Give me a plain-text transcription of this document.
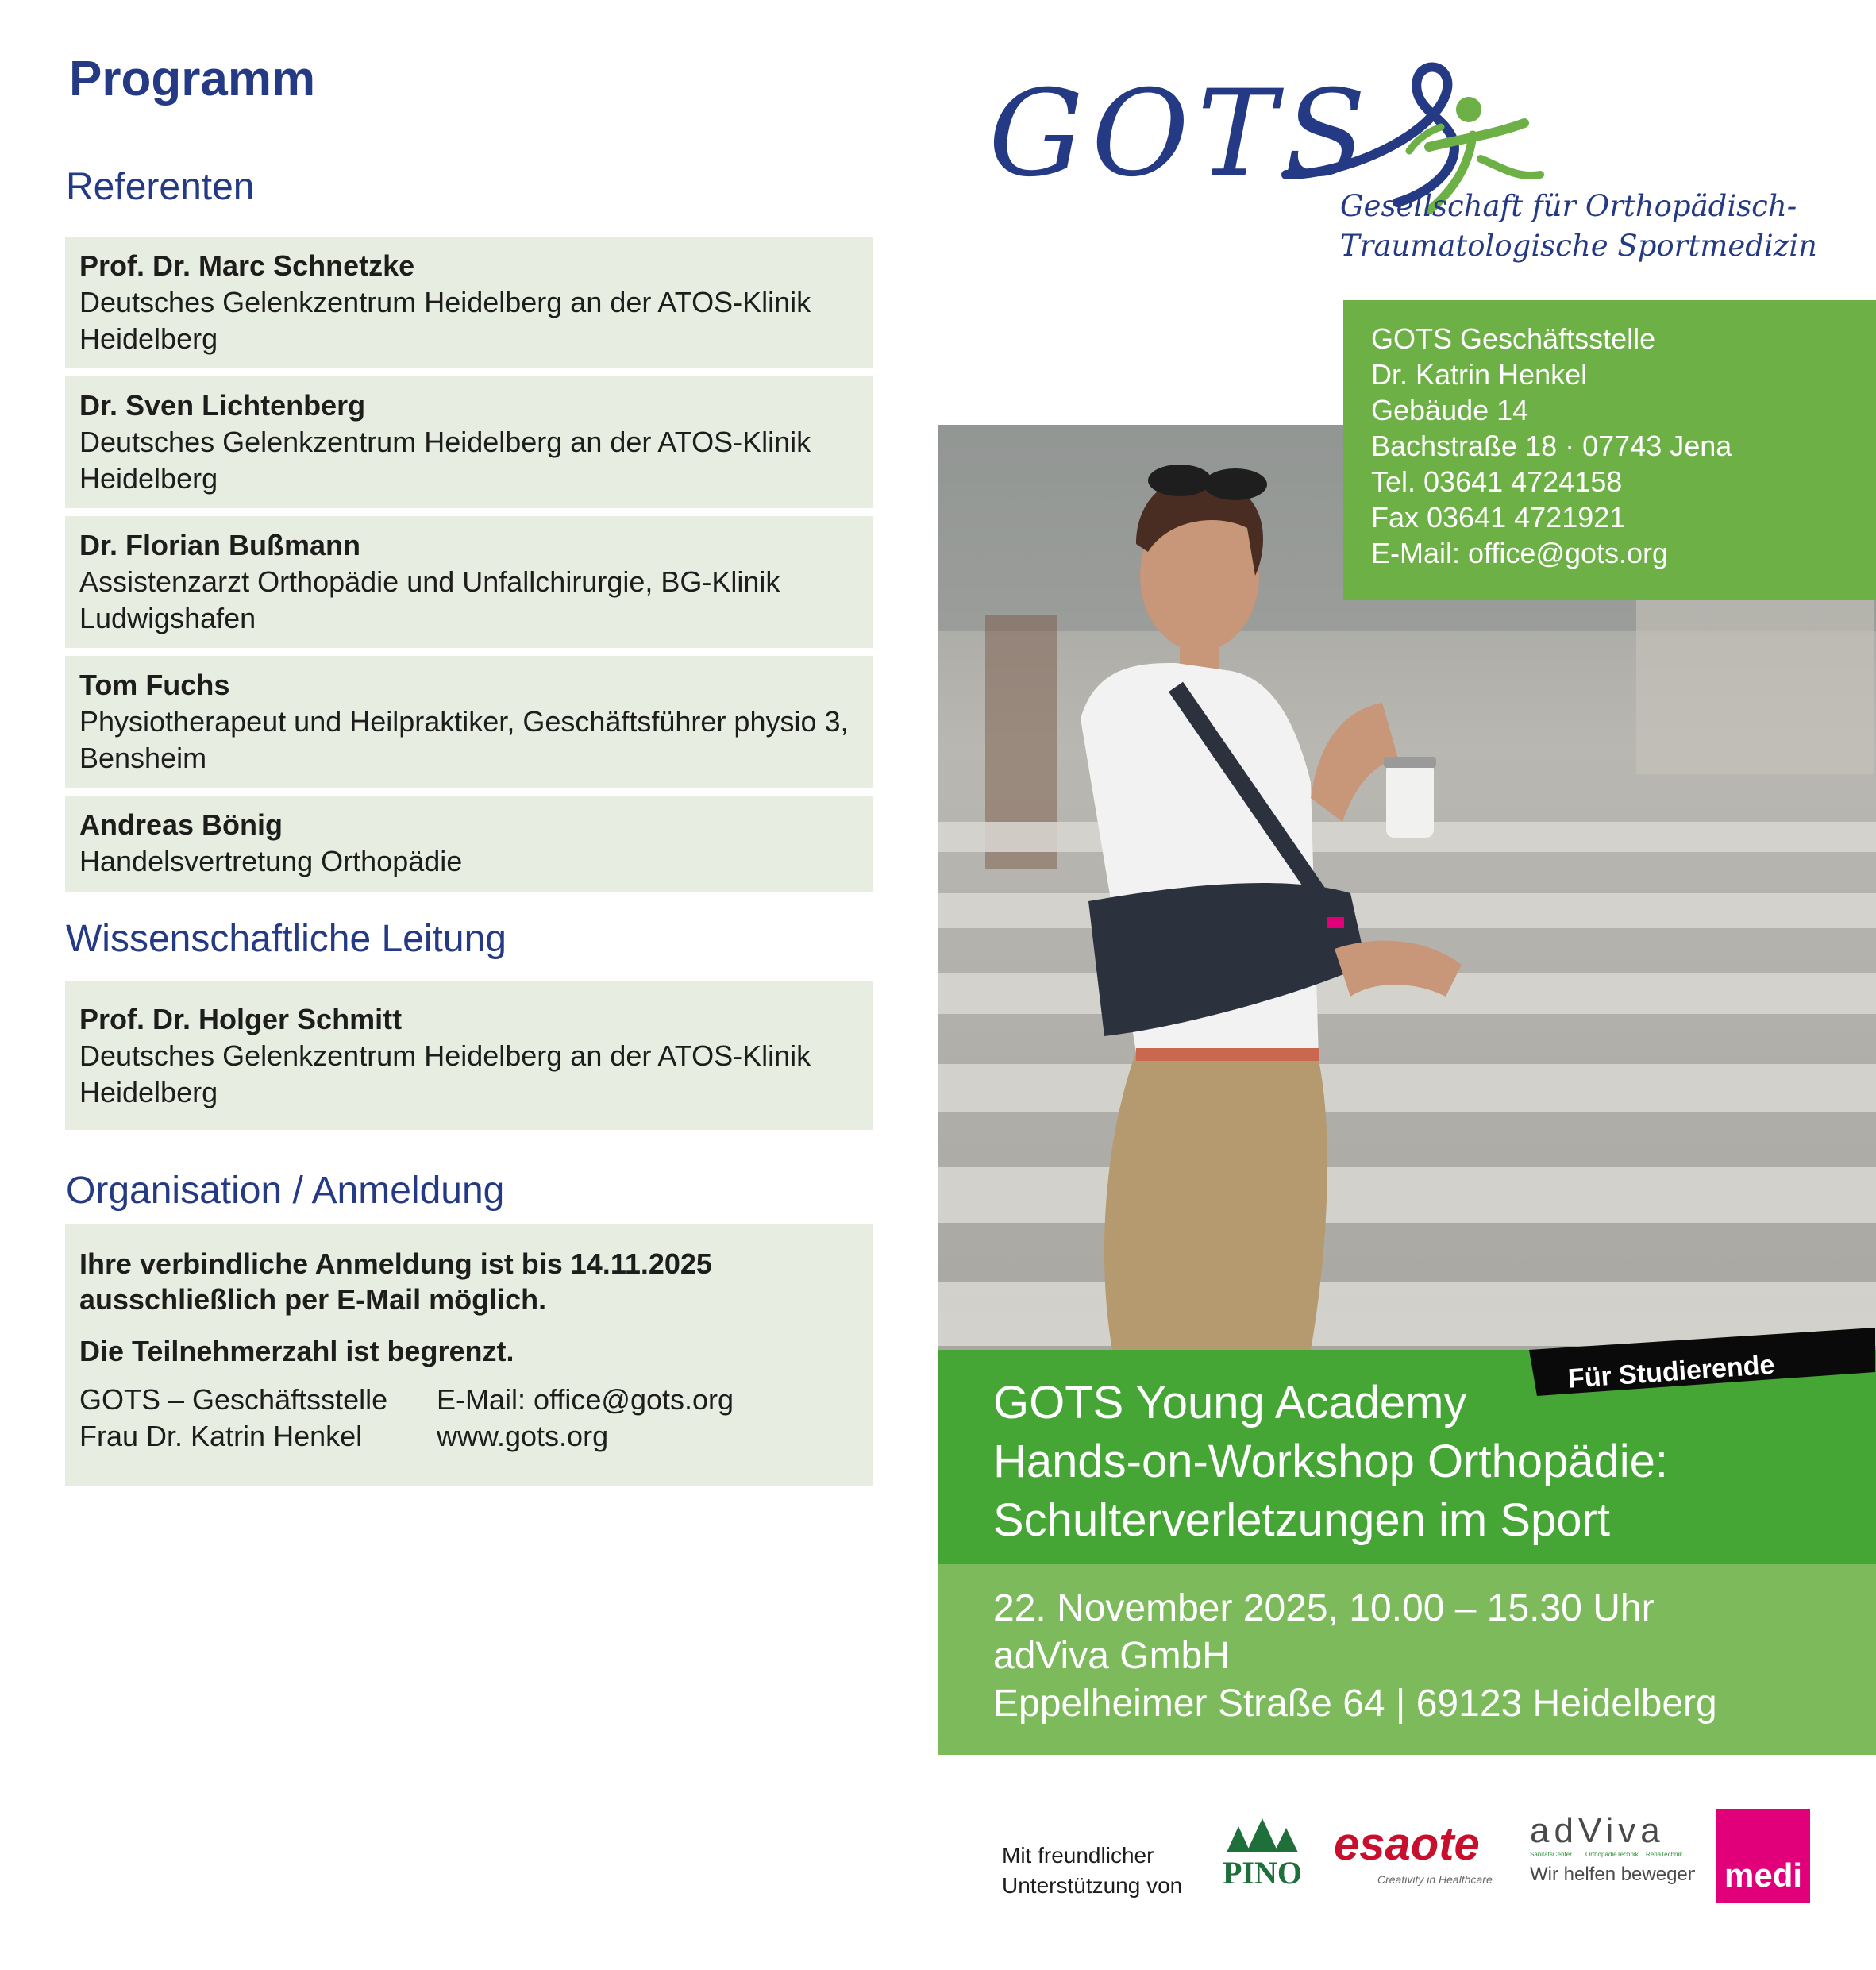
Programm
Referenten
Prof. Dr. Marc Schnetzke
Deutsches Gelenkzentrum Heidelberg an der ATOS-Klinik Heidelberg
Dr. Sven Lichtenberg
Deutsches Gelenkzentrum Heidelberg an der ATOS-Klinik Heidelberg
Dr. Florian Bußmann
Assistenzarzt Orthopädie und Unfallchirurgie, BG-Klinik Ludwigshafen
Tom Fuchs
Physiotherapeut und Heilpraktiker, Geschäftsführer physio 3, Bensheim
Andreas Bönig
Handelsvertretung Orthopädie
Wissenschaftliche Leitung
Prof. Dr. Holger Schmitt
Deutsches Gelenkzentrum Heidelberg an der ATOS-Klinik Heidelberg
Organisation / Anmeldung
Ihre verbindliche Anmeldung ist bis 14.11.2025
ausschließlich per E-Mail möglich.
Die Teilnehmerzahl ist begrenzt.
GOTS – Geschäftsstelle
Frau Dr. Katrin Henkel
E-Mail: office@gots.org
www.gots.org
GOTS
Gesellschaft für Orthopädisch-
Traumatologische Sportmedizin
GOTS Geschäftsstelle
Dr. Katrin Henkel
Gebäude 14
Bachstraße 18 · 07743 Jena
Tel. 03641 4724158
Fax 03641 4721921
E-Mail: office@gots.org
GOTS Young Academy
Hands-on-Workshop Orthopädie:
Schulterverletzungen im Sport
Für Studierende
22. November 2025, 10.00 – 15.30 Uhr
adViva GmbH
Eppelheimer Straße 64 | 69123 Heidelberg
Mit freundlicher
Unterstützung von PINO
esaote
Creativity in Healthcare
adViva
SanitätsCenter OrthopädieTechnik RehaTechnik
Wir helfen bewegen medi
